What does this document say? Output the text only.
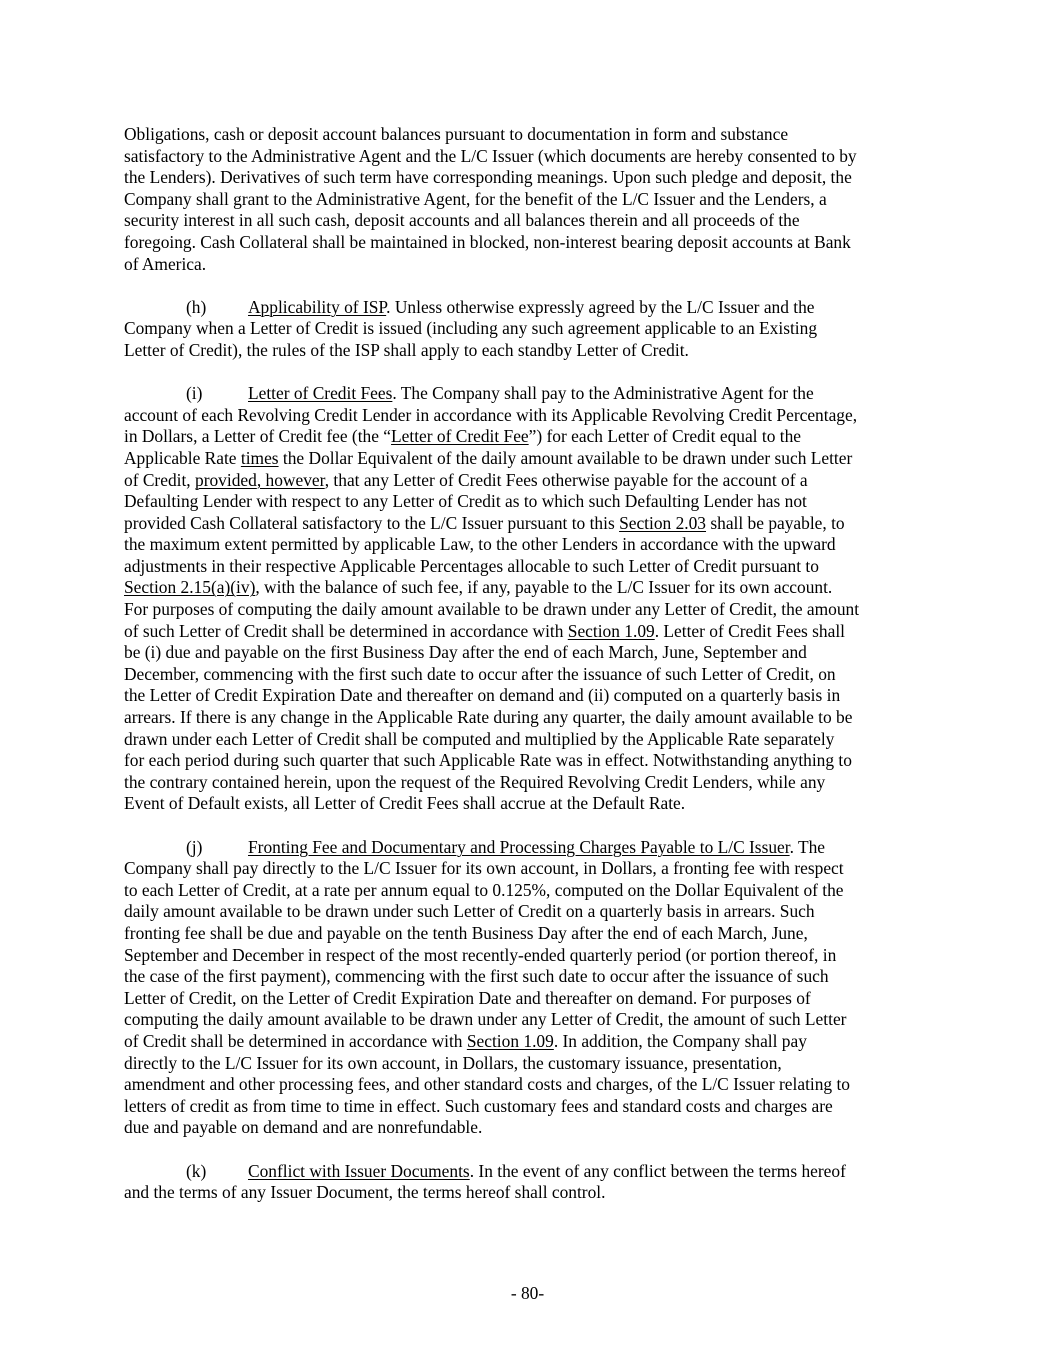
Obligations, cash or deposit account balances pursuant to documentation in form and substance
satisfactory to the Administrative Agent and the L/C Issuer (which documents are hereby consented to by
the Lenders). Derivatives of such term have corresponding meanings. Upon such pledge and deposit, the
Company shall grant to the Administrative Agent, for the benefit of the L/C Issuer and the Lenders, a
security interest in all such cash, deposit accounts and all balances therein and all proceeds of the
foregoing. Cash Collateral shall be maintained in blocked, non-interest bearing deposit accounts at Bank
of America.

(h) Applicability of ISP. Unless otherwise expressly agreed by the L/C Issuer and the
Company when a Letter of Credit is issued (including any such agreement applicable to an Existing
Letter of Credit), the rules of the ISP shall apply to each standby Letter of Credit.

(i)	Letter of Credit Fees. The Company shall pay to the Administrative Agent for the
account of each Revolving Credit Lender in accordance with its Applicable Revolving Credit Percentage,
in Dollars, a Letter of Credit fee (the “Letter of Credit Fee”) for each Letter of Credit equal to the
Applicable Rate times the Dollar Equivalent of the daily amount available to be drawn under such Letter
of Credit, provided, however, that any Letter of Credit Fees otherwise payable for the account of a
Defaulting Lender with respect to any Letter of Credit as to which such Defaulting Lender has not
provided Cash Collateral satisfactory to the L/C Issuer pursuant to this Section 2.03 shall be payable, to
the maximum extent permitted by applicable Law, to the other Lenders in accordance with the upward
adjustments in their respective Applicable Percentages allocable to such Letter of Credit pursuant to
Section 2.15(a)(iv), with the balance of such fee, if any, payable to the L/C Issuer for its own account.
For purposes of computing the daily amount available to be drawn under any Letter of Credit, the amount
of such Letter of Credit shall be determined in accordance with Section 1.09. Letter of Credit Fees shall
be (i) due and payable on the first Business Day after the end of each March, June, September and
December, commencing with the first such date to occur after the issuance of such Letter of Credit, on
the Letter of Credit Expiration Date and thereafter on demand and (ii) computed on a quarterly basis in
arrears. If there is any change in the Applicable Rate during any quarter, the daily amount available to be
drawn under each Letter of Credit shall be computed and multiplied by the Applicable Rate separately
for each period during such quarter that such Applicable Rate was in effect. Notwithstanding anything to
the contrary contained herein, upon the request of the Required Revolving Credit Lenders, while any
Event of Default exists, all Letter of Credit Fees shall accrue at the Default Rate.

(j)	Fronting Fee and Documentary and Processing Charges Payable to L/C Issuer. The
Company shall pay directly to the L/C Issuer for its own account, in Dollars, a fronting fee with respect
to each Letter of Credit, at a rate per annum equal to 0.125%, computed on the Dollar Equivalent of the
daily amount available to be drawn under such Letter of Credit on a quarterly basis in arrears. Such
fronting fee shall be due and payable on the tenth Business Day after the end of each March, June,
September and December in respect of the most recently-ended quarterly period (or portion thereof, in
the case of the first payment), commencing with the first such date to occur after the issuance of such
Letter of Credit, on the Letter of Credit Expiration Date and thereafter on demand. For purposes of
computing the daily amount available to be drawn under any Letter of Credit, the amount of such Letter
of Credit shall be determined in accordance with Section 1.09. In addition, the Company shall pay
directly to the L/C Issuer for its own account, in Dollars, the customary issuance, presentation,
amendment and other processing fees, and other standard costs and charges, of the L/C Issuer relating to
letters of credit as from time to time in effect. Such customary fees and standard costs and charges are
due and payable on demand and are nonrefundable.

(k) Conflict with Issuer Documents. In the event of any conflict between the terms hereof
and the terms of any Issuer Document, the terms hereof shall control.

- 80-
